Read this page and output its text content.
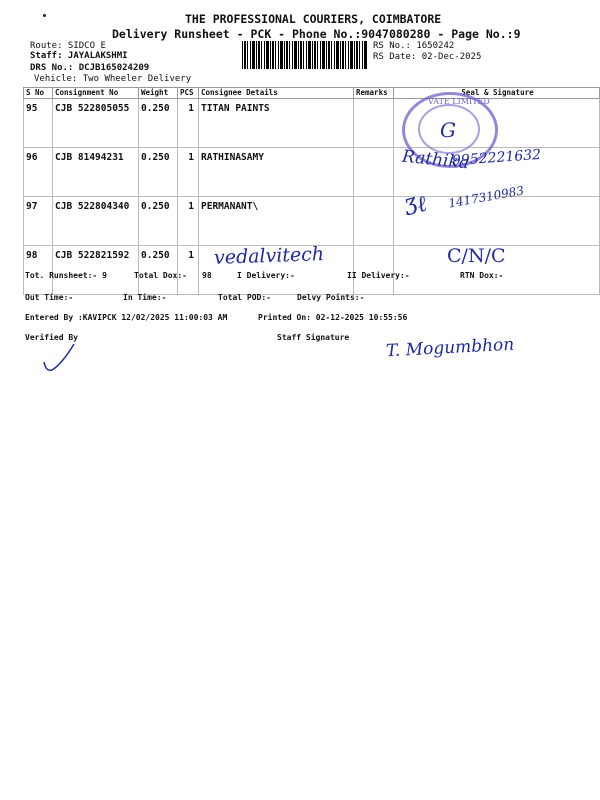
THE PROFESSIONAL COURIERS, COIMBATORE
Delivery Runsheet - PCK - Phone No.:9047080280 - Page No.:9
Route: SIDCO E
Staff: JAYALAKSHMI
DRS No.: DCJB165024209
Vehicle: Two Wheeler Delivery
RS No.: 1650242
RS Date: 02-Dec-2025
S No	Consignment No	Weight	PCS	Consignee Details	Remarks	Seal & Signature
95	CJB 522805055	0.250	1	TITAN PAINTS		
96	CJB 81494231	0.250	1	RATHINASAMY		
97	CJB 522804340	0.250	1	PERMANANT\		
98	CJB 522821592	0.250	1			
VATE LIMITED
G
Rathika
9952221632
Ӡℓ 1417310983
vedalvitech	C/N/C
Tot. Runsheet:- 9	Total Dox:- 98	I Delivery:-	II Delivery:-	RTN Dox:-
Out Time:-	In Time:-	Total POD:-	Delvy Points:-
Entered By :KAVIPCK 12/02/2025 11:00:03 AM	Printed On: 02-12-2025 10:55:56
Verified By	Staff Signature T. Mogumbhon
